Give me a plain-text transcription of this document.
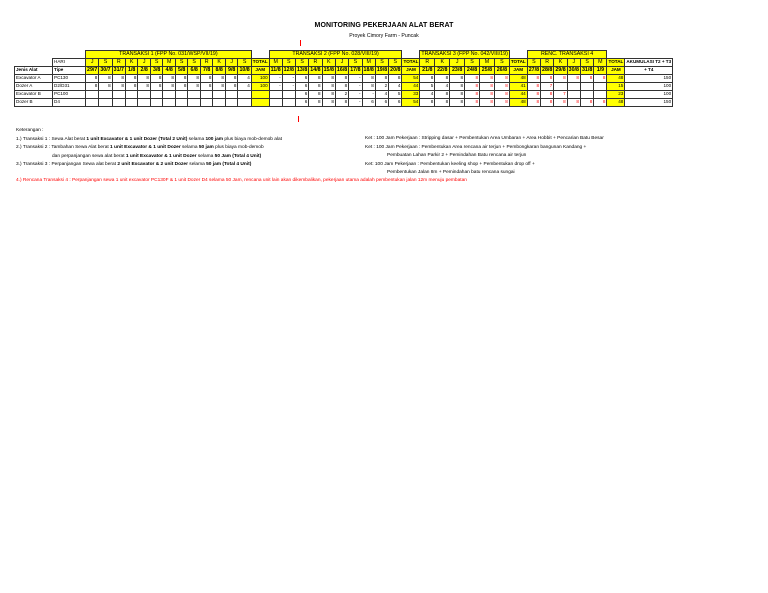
MONITORING PEKERJAAN ALAT BERAT
Proyek Cimory Farm - Puncak
		TRANSAKSI 1 (FPP No. 031/WSP/VII/19)														TRANSAKSI 2 (FPP No. 028/VIII/19)											TRANSAKSI 3 (FPP No. 042/VIII/19)							RENC. TRANSAKSI 4							
	HARI	J	S	R	K	J	S	M	S	S	R	K	J	S	TOTAL	M	S	S	R	K	J	S	M	S	S	TOTAL	R	K	J	S	M	S	TOTAL	S	R	K	J	S	M	TOTAL	AKUMULASI T2 + T3
Jenis Alat	Tipe	29/7	30/7	31/7	1/8	2/8	3/8	4/8	5/8	6/8	7/8	8/8	9/8	10/8	JAM	11/8	12/8	13/8	14/8	15/8	16/8	17/8	18/8	19/8	20/8	JAM	21/8	22/8	23/8	24/8	25/8	26/8	JAM	27/8	28/8	29/8	30/8	31/8	1/9	JAM	+ T4
Excavator A	PC130	8	8	8	8	8	8	8	8	8	8	8	8	4	100	-	-	6	8	8	8	-	8	8	8	54	8	8	8	8	8	8	48	8	8	8	8	8	8	48	150
Dozer A	D2/D31	8	8	8	8	8	8	8	8	8	8	8	8	4	100	-	-	6	8	8	8	-	8	2	4	44	5	4	8	8	8	8	41	8	7					15	100
Excavator B	PC100																	6	8	8	2	-	-	4	5	33	4	8	8	8	8	8	44	8	8	7				23	100
Dozer B	D4																	6	8	8	8	-	6	6	6	54	8	8	8	8	8	8	48	8	8	8	8	8	8	48	150
Keterangan :
1.) Transaksi 1 : Sewa Alat berat 1 unit Excavator & 1 unit Dozer (Total 2 Unit) selama 100 jam plus biaya mob-demob alat
2.) Transaksi 2 : Tambahan Sewa Alat berat 1 unit Excavator & 1 unit Dozer selama 50 jam plus biaya mob-demob
dan perpanjangan sewa alat berat 1 unit Excavator & 1 unit Dozer selama 50 Jam (Total 4 Unit)
3.) Transaksi 3 : Perpanjangan Sewa alat berat 2 unit Excavator & 2 unit Dozer selama 50 jam (Total 4 Unit)
Ket : 100 Jam Pekerjaan : Stripping dasar + Pembentukan Area Umbaran + Area Hobbit + Pencarian Batu Besar
Ket : 100 Jam Pekerjaan : Pembentukan Area rencana air terjun + Pembongkaran bangunan Kandang +
Pembuatan Lahan Parkir 2 + Pemindahan Batu rencana air terjun
Ket: 100 Jam Pekerjaan : Pembentukan keeling shop + Pembentukan drop off +
Pembentukan Jalan 8m + Pemindahan batu rencana sungai
4.) Rencana Transaksi 4 : Perpanjangan sewa 1 unit excavator PC130F & 1 unit Dozer D4 selama 50 Jam, rencana unit lain akan dikembalikan, pekerjaan utama adalah pembentukan jalan 12m menuju pembatan
